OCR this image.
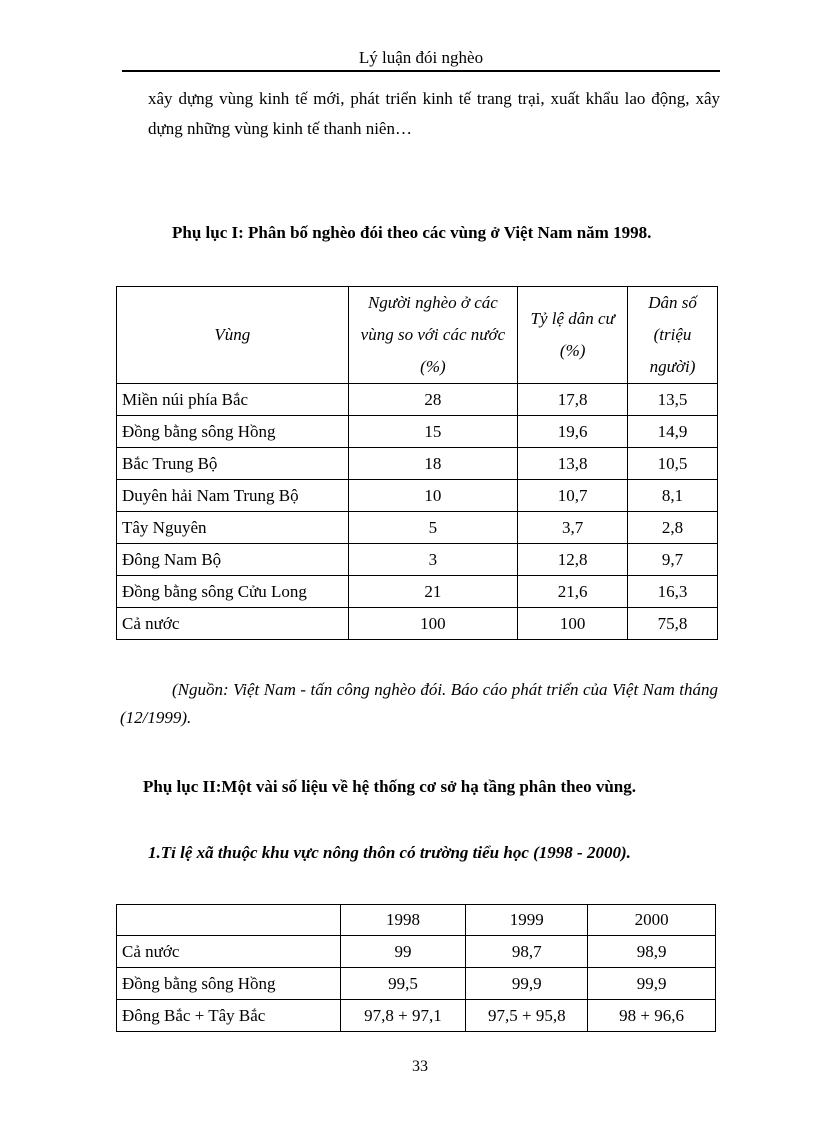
Lý luận đói nghèo
xây dựng vùng kinh tế mới, phát triển kinh tế trang trại, xuất khẩu lao động, xây dựng những vùng kinh tế thanh niên…
Phụ lục I: Phân bố nghèo đói theo các vùng ở Việt Nam năm 1998.
Vùng	Người nghèo ở các vùng so với các nước (%)	Tỷ lệ dân cư (%)	Dân số (triệu người)
Miền núi phía Bắc	28	17,8	13,5
Đồng bằng sông Hồng	15	19,6	14,9
Bắc Trung Bộ	18	13,8	10,5
Duyên hải Nam Trung Bộ	10	10,7	8,1
Tây Nguyên	5	3,7	2,8
Đông Nam Bộ	3	12,8	9,7
Đồng bằng sông Cửu Long	21	21,6	16,3
Cả nước	100	100	75,8
(Nguồn: Việt Nam - tấn công nghèo đói. Báo cáo phát triển của Việt Nam tháng (12/1999).
Phụ lục II:Một vài số liệu về hệ thống cơ sở hạ tầng phân theo vùng.
1.Tỉ lệ xã thuộc khu vực nông thôn có trường tiểu học (1998 - 2000).
	1998	1999	2000
Cả nước	99	98,7	98,9
Đồng bằng sông Hồng	99,5	99,9	99,9
Đông Bắc + Tây Bắc	97,8 + 97,1	97,5 + 95,8	98 + 96,6
33
